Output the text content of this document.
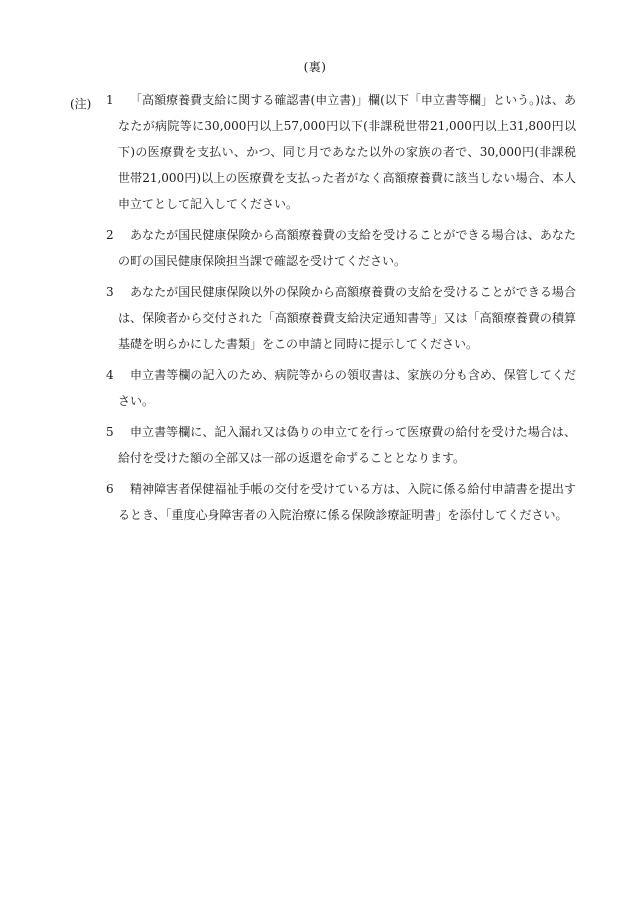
(裏)
(注) 1	「高額療養費支給に関する確認書(申立書)」欄(以下「申立書等欄」という。)は、あなたが病院等に30,000円以上57,000円以下(非課税世帯21,000円以上31,800円以下)の医療費を支払い、かつ、同じ月であなた以外の家族の者で、30,000円(非課税世帯21,000円)以上の医療費を支払った者がなく高額療養費に該当しない場合、本人申立てとして記入してください。
2	あなたが国民健康保険から高額療養費の支給を受けることができる場合は、あなたの町の国民健康保険担当課で確認を受けてください。
3	あなたが国民健康保険以外の保険から高額療養費の支給を受けることができる場合は、保険者から交付された「高額療養費支給決定通知書等」又は「高額療養費の積算基礎を明らかにした書類」をこの申請と同時に提示してください。
4	申立書等欄の記入のため、病院等からの領収書は、家族の分も含め、保管してください。
5	申立書等欄に、記入漏れ又は偽りの申立てを行って医療費の給付を受けた場合は、給付を受けた額の全部又は一部の返還を命ずることとなります。
6	精神障害者保健福祉手帳の交付を受けている方は、入院に係る給付申請書を提出するとき、「重度心身障害者の入院治療に係る保険診療証明書」を添付してください。
